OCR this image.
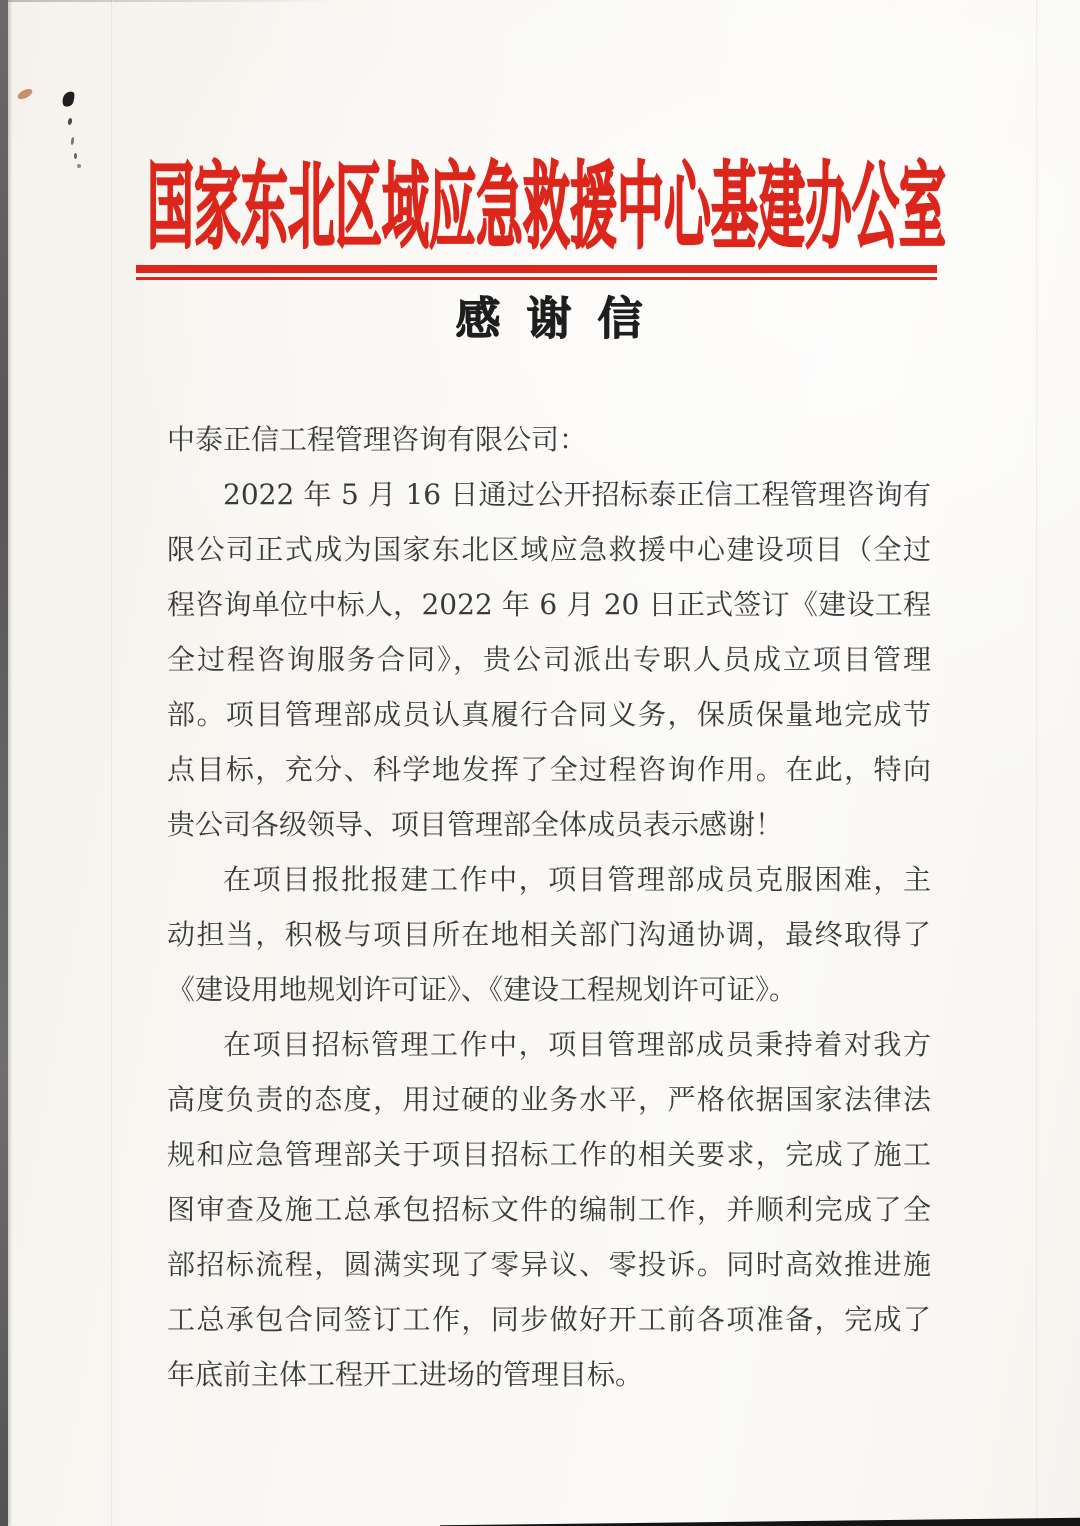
国家东北区域应急救援中心基建办公室
感谢信
中泰正信工程管理咨询有限公司：
2022 年 5 月 16 日通过公开招标泰正信工程管理咨询有
限公司正式成为国家东北区域应急救援中心建设项目（全过
程咨询单位中标人，2022 年 6 月 20 日正式签订《建设工程
全过程咨询服务合同》，贵公司派出专职人员成立项目管理
部。项目管理部成员认真履行合同义务，保质保量地完成节
点目标，充分、科学地发挥了全过程咨询作用。在此，特向
贵公司各级领导、项目管理部全体成员表示感谢！
在项目报批报建工作中，项目管理部成员克服困难，主
动担当，积极与项目所在地相关部门沟通协调，最终取得了
《建设用地规划许可证》、《建设工程规划许可证》。
在项目招标管理工作中，项目管理部成员秉持着对我方
高度负责的态度，用过硬的业务水平，严格依据国家法律法
规和应急管理部关于项目招标工作的相关要求，完成了施工
图审查及施工总承包招标文件的编制工作，并顺利完成了全
部招标流程，圆满实现了零异议、零投诉。同时高效推进施
工总承包合同签订工作，同步做好开工前各项准备，完成了
年底前主体工程开工进场的管理目标。
